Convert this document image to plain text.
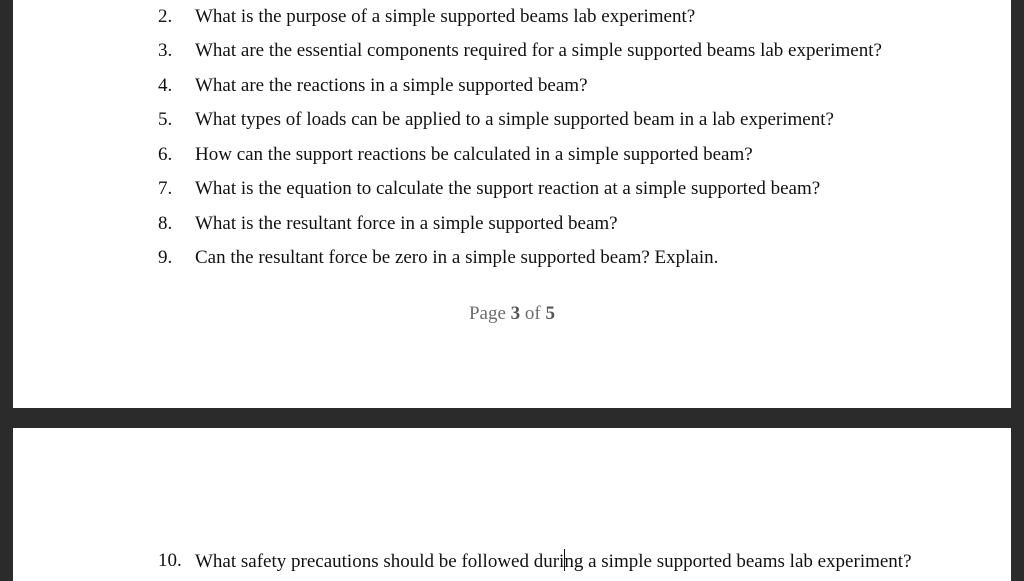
2.	What is the purpose of a simple supported beams lab experiment?
3.	What are the essential components required for a simple supported beams lab experiment?
4.	What are the reactions in a simple supported beam?
5.	What types of loads can be applied to a simple supported beam in a lab experiment?
6.	How can the support reactions be calculated in a simple supported beam?
7.	What is the equation to calculate the support reaction at a simple supported beam?
8.	What is the resultant force in a simple supported beam?
9.	Can the resultant force be zero in a simple supported beam? Explain.
Page 3 of 5
10. What safety precautions should be followed during a simple supported beams lab experiment?
